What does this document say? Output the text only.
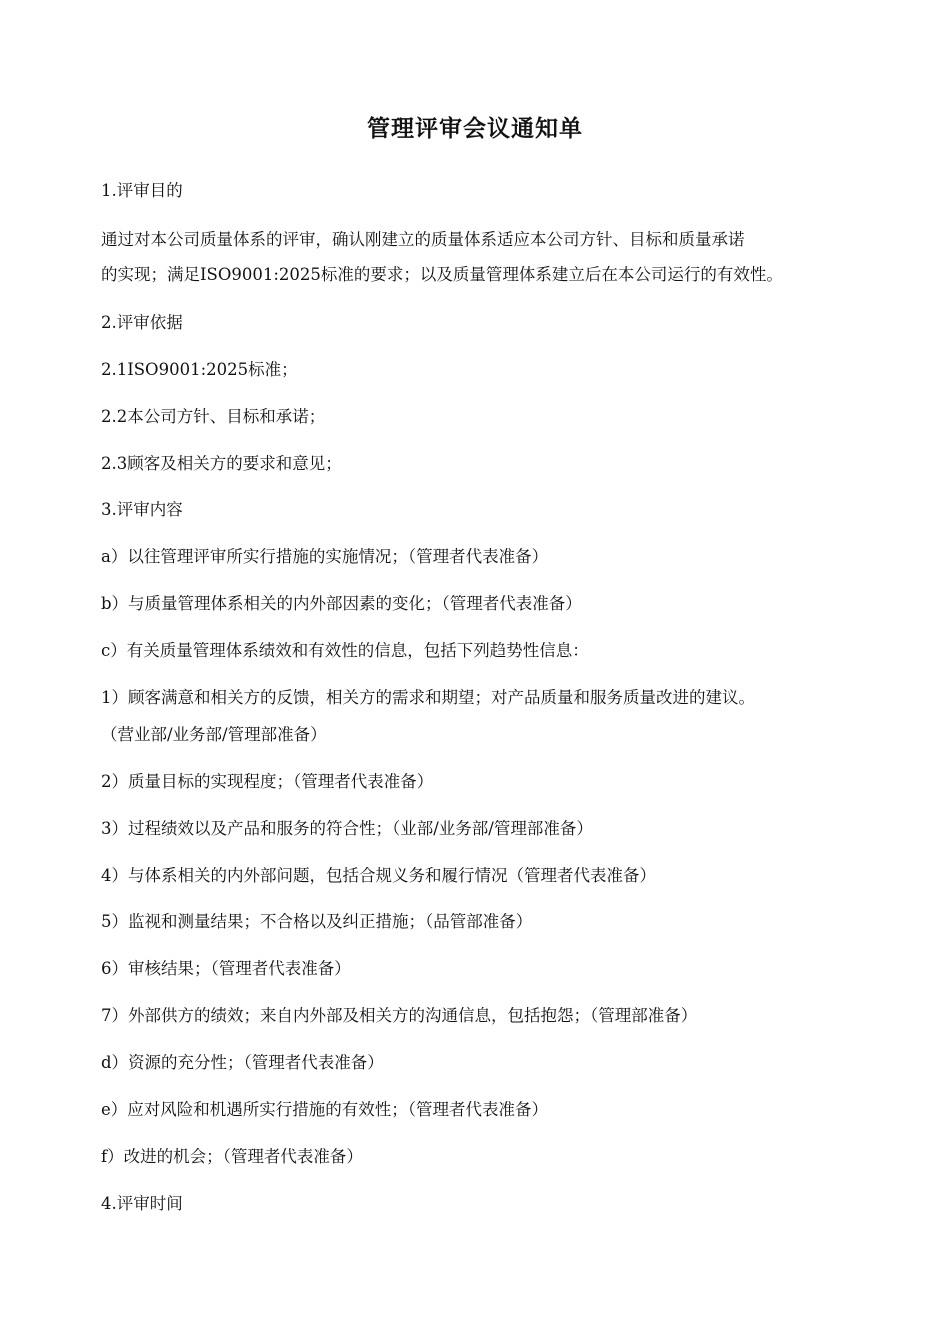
管理评审会议通知单
1.评审目的
通过对本公司质量体系的评审，确认刚建立的质量体系适应本公司方针、目标和质量承诺
的实现；满足ISO9001:2025标准的要求；以及质量管理体系建立后在本公司运行的有效性。
2.评审依据
2.1ISO9001:2025标准；
2.2本公司方针、目标和承诺；
2.3顾客及相关方的要求和意见；
3.评审内容
a）以往管理评审所实行措施的实施情况；（管理者代表准备）
b）与质量管理体系相关的内外部因素的变化；（管理者代表准备）
c）有关质量管理体系绩效和有效性的信息，包括下列趋势性信息：
1）顾客满意和相关方的反馈，相关方的需求和期望；对产品质量和服务质量改进的建议。
（营业部/业务部/管理部准备）
2）质量目标的实现程度；（管理者代表准备）
3）过程绩效以及产品和服务的符合性；（业部/业务部/管理部准备）
4）与体系相关的内外部问题，包括合规义务和履行情况（管理者代表准备）
5）监视和测量结果；不合格以及纠正措施；（品管部准备）
6）审核结果；（管理者代表准备）
7）外部供方的绩效；来自内外部及相关方的沟通信息，包括抱怨；（管理部准备）
d）资源的充分性；（管理者代表准备）
e）应对风险和机遇所实行措施的有效性；（管理者代表准备）
f）改进的机会；（管理者代表准备）
4.评审时间
